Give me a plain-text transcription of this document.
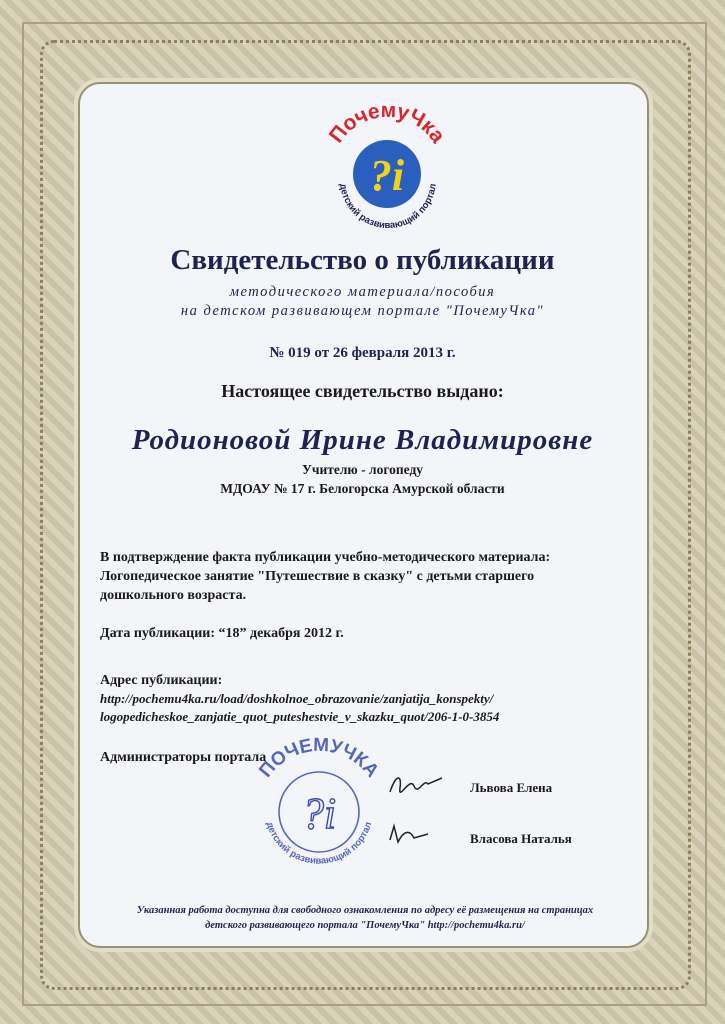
?i
ПочемуЧка
детский развивающий портал
Свидетельство о публикации
методического материала/пособия
на детском развивающем портале "ПочемуЧка"
№ 019 от 26 февраля 2013 г.
Настоящее свидетельство выдано:
Родионовой Ирине Владимировне
Учителю - логопеду
МДОАУ № 17 г. Белогорска Амурской области
В подтверждение факта публикации учебно-методического материала:
Логопедическое занятие "Путешествие в сказку" с детьми старшего
дошкольного возраста.
Дата публикации: “18” декабря 2012 г.
Адрес публикации:
http://pochemu4ka.ru/load/doshkolnoe_obrazovanie/zanjatija_konspekty/
logopedicheskoe_zanjatie_quot_puteshestvie_v_skazku_quot/206-1-0-3854
Администраторы портала
?i
ПОЧЕМУЧКА
детский развивающий портал
Львова Елена
Власова Наталья
Указанная работа доступна для свободного ознакомления по адресу её размещения на страницах
детского развивающего портала "ПочемуЧка" http://pochemu4ka.ru/
